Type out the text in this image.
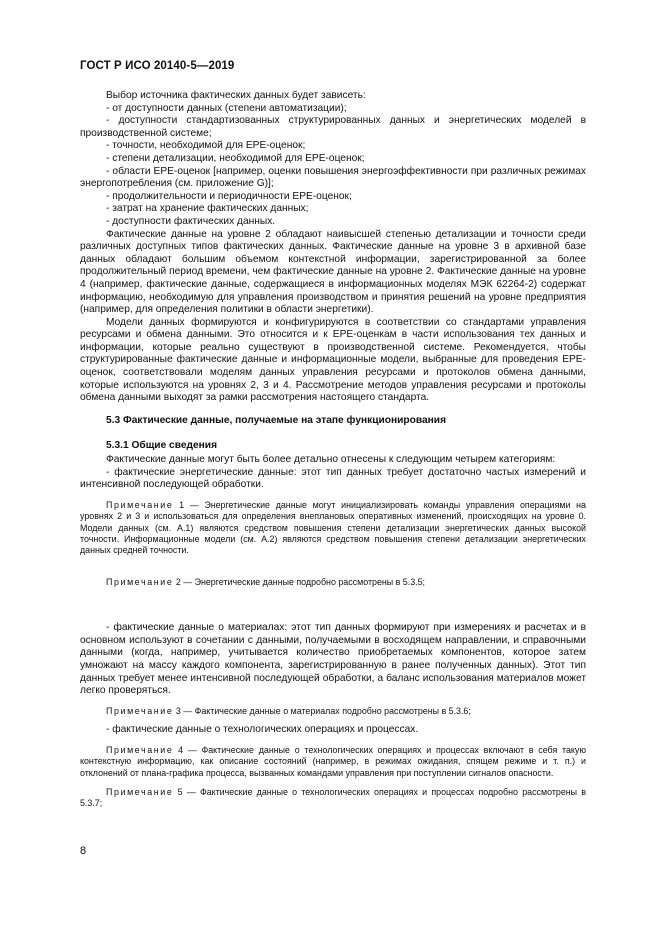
ГОСТ Р ИСО 20140-5—2019

Выбор источника фактических данных будет зависеть:

- от доступности данных (степени автоматизации);

- доступности стандартизованных структурированных данных и энергетических моделей в производственной системе;

- точности, необходимой для ЕРЕ-оценок;

- степени детализации, необходимой для ЕРЕ-оценок;

- области ЕРЕ-оценок [например, оценки повышения энергоэффективности при различных режимах энергопотребления (см. приложение G)];

- продолжительности и периодичности ЕРЕ-оценок;

- затрат на хранение фактических данных;

- доступности фактических данных.

Фактические данные на уровне 2 обладают наивысшей степенью детализации и точности среди различных доступных типов фактических данных. Фактические данные на уровне 3 в архивной базе данных обладают большим объемом контекстной информации, зарегистрированной за более продолжительный период времени, чем фактические данные на уровне 2. Фактические данные на уровне 4 (например, фактические данные, содержащиеся в информационных моделях МЭК 62264-2) содержат информацию, необходимую для управления производством и принятия решений на уровне предприятия (например, для определения политики в области энергетики).

Модели данных формируются и конфигурируются в соответствии со стандартами управления ресурсами и обмена данными. Это относится и к ЕРЕ-оценкам в части использования тех данных и информации, которые реально существуют в производственной системе. Рекомендуется, чтобы структурированные фактические данные и информационные модели, выбранные для проведения ЕРЕ-оценок, соответствовали моделям данных управления ресурсами и протоколов обмена данными, которые используются на уровнях 2, 3 и 4. Рассмотрение методов управления ресурсами и протоколы обмена данными выходят за рамки рассмотрения настоящего стандарта.

5.3 Фактические данные, получаемые на этапе функционирования

5.3.1 Общие сведения

Фактические данные могут быть более детально отнесены к следующим четырем категориям:

- фактические энергетические данные: этот тип данных требует достаточно частых измерений и интенсивной последующей обработки.

Примечание 1 — Энергетические данные могут инициализировать команды управления операциями на уровнях 2 и 3 и использоваться для определения внеплановых оперативных изменений, происходящих на уровне 0. Модели данных (см. А.1) являются средством повышения степени детализации энергетических данных высокой точности. Информационные модели (см. А.2) являются средством повышения степени детализации энергетических данных средней точности.

Примечание 2 — Энергетические данные подробно рассмотрены в 5.3.5;

- фактические данные о материалах: этот тип данных формируют при измерениях и расчетах и в основном используют в сочетании с данными, получаемыми в восходящем направлении, и справочными данными (когда, например, учитывается количество приобретаемых компонентов, которое затем умножают на массу каждого компонента, зарегистрированную в ранее полученных данных). Этот тип данных требует менее интенсивной последующей обработки, а баланс использования материалов может легко проверяться.

Примечание 3 — Фактические данные о материалах подробно рассмотрены в 5.3.6;

- фактические данные о технологических операциях и процессах.

Примечание 4 — Фактические данные о технологических операциях и процессах включают в себя такую контекстную информацию, как описание состояний (например, в режимах ожидания, спящем режиме и т. п.) и отклонений от плана-графика процесса, вызванных командами управления при поступлении сигналов опасности.

Примечание 5 — Фактические данные о технологических операциях и процессах подробно рассмотрены в 5.3.7;

8
